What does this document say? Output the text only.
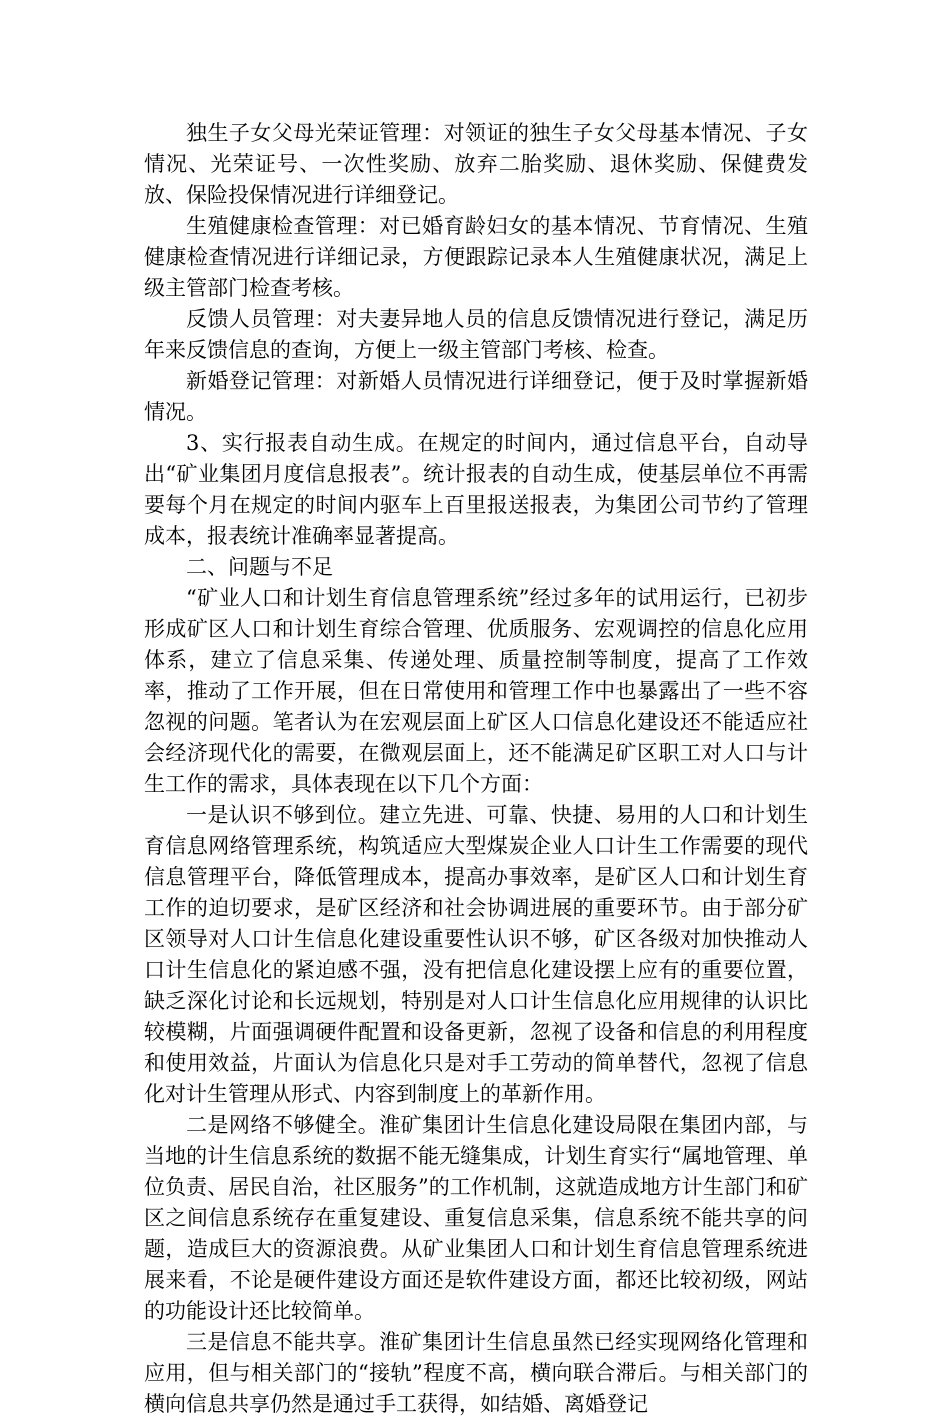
独生子女父母光荣证管理：对领证的独生子女父母基本情况、子女情况、光荣证号、一次性奖励、放弃二胎奖励、退休奖励、保健费发放、保险投保情况进行详细登记。

生殖健康检查管理：对已婚育龄妇女的基本情况、节育情况、生殖健康检查情况进行详细记录，方便跟踪记录本人生殖健康状况，满足上级主管部门检查考核。

反馈人员管理：对夫妻异地人员的信息反馈情况进行登记，满足历年来反馈信息的查询，方便上一级主管部门考核、检查。

新婚登记管理：对新婚人员情况进行详细登记，便于及时掌握新婚情况。

3、实行报表自动生成。在规定的时间内，通过信息平台，自动导出“矿业集团月度信息报表”。统计报表的自动生成，使基层单位不再需要每个月在规定的时间内驱车上百里报送报表，为集团公司节约了管理成本，报表统计准确率显著提高。

二、问题与不足

“矿业人口和计划生育信息管理系统”经过多年的试用运行，已初步形成矿区人口和计划生育综合管理、优质服务、宏观调控的信息化应用体系，建立了信息采集、传递处理、质量控制等制度，提高了工作效率，推动了工作开展，但在日常使用和管理工作中也暴露出了一些不容忽视的问题。笔者认为在宏观层面上矿区人口信息化建设还不能适应社会经济现代化的需要，在微观层面上，还不能满足矿区职工对人口与计生工作的需求，具体表现在以下几个方面：

一是认识不够到位。建立先进、可靠、快捷、易用的人口和计划生育信息网络管理系统，构筑适应大型煤炭企业人口计生工作需要的现代信息管理平台，降低管理成本，提高办事效率，是矿区人口和计划生育工作的迫切要求，是矿区经济和社会协调进展的重要环节。由于部分矿区领导对人口计生信息化建设重要性认识不够，矿区各级对加快推动人口计生信息化的紧迫感不强，没有把信息化建设摆上应有的重要位置，缺乏深化讨论和长远规划，特别是对人口计生信息化应用规律的认识比较模糊，片面强调硬件配置和设备更新，忽视了设备和信息的利用程度和使用效益，片面认为信息化只是对手工劳动的简单替代，忽视了信息化对计生管理从形式、内容到制度上的革新作用。

二是网络不够健全。淮矿集团计生信息化建设局限在集团内部，与当地的计生信息系统的数据不能无缝集成，计划生育实行“属地管理、单位负责、居民自治，社区服务”的工作机制，这就造成地方计生部门和矿区之间信息系统存在重复建设、重复信息采集，信息系统不能共享的问题，造成巨大的资源浪费。从矿业集团人口和计划生育信息管理系统进展来看，不论是硬件建设方面还是软件建设方面，都还比较初级，网站的功能设计还比较简单。

三是信息不能共享。淮矿集团计生信息虽然已经实现网络化管理和应用，但与相关部门的“接轨”程度不高，横向联合滞后。与相关部门的横向信息共享仍然是通过手工获得，如结婚、离婚登记
